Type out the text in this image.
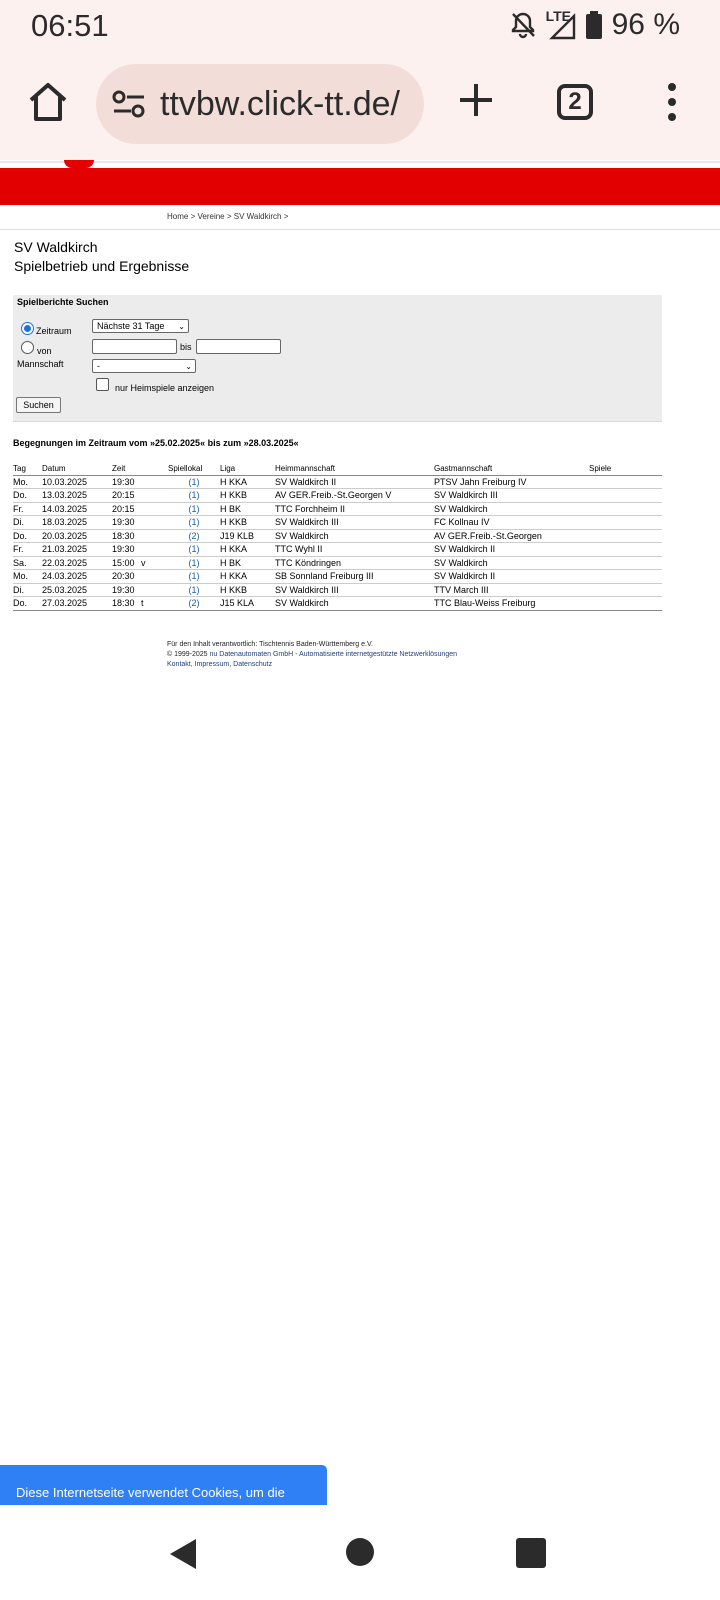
06:51	LTE 96 %
ttvbw.click-tt.de/	2
Home > Vereine > SV Waldkirch >
SV Waldkirch
Spielbetrieb und Ergebnisse
Spielberichte Suchen
Zeitraum	Nächste 31 Tage ⌄
von	bis
Mannschaft	-	⌄
nur Heimspiele anzeigen
Suchen
Begegnungen im Zeitraum vom »25.02.2025« bis zum »28.03.2025«
Tag	Datum	Zeit		Spiellokal	Liga	Heimmannschaft	Gastmannschaft	Spiele
Mo.	10.03.2025	19:30		(1)	H KKA	SV Waldkirch II	PTSV Jahn Freiburg IV	
Do.	13.03.2025	20:15		(1)	H KKB	AV GER.Freib.-St.Georgen V	SV Waldkirch III	
Fr.	14.03.2025	20:15		(1)	H BK	TTC Forchheim II	SV Waldkirch	
Di.	18.03.2025	19:30		(1)	H KKB	SV Waldkirch III	FC Kollnau IV	
Do.	20.03.2025	18:30		(2)	J19 KLB	SV Waldkirch	AV GER.Freib.-St.Georgen	
Fr.	21.03.2025	19:30		(1)	H KKA	TTC Wyhl II	SV Waldkirch II	
Sa.	22.03.2025	15:00	v	(1)	H BK	TTC Köndringen	SV Waldkirch	
Mo.	24.03.2025	20:30		(1)	H KKA	SB Sonnland Freiburg III	SV Waldkirch II	
Di.	25.03.2025	19:30		(1)	H KKB	SV Waldkirch III	TTV March III	
Do.	27.03.2025	18:30	t	(2)	J15 KLA	SV Waldkirch	TTC Blau-Weiss Freiburg	
Für den Inhalt verantwortlich: Tischtennis Baden-Württemberg e.V.
© 1999-2025 nu Datenautomaten GmbH - Automatisierte internetgestützte Netzwerklösungen
Kontakt, Impressum, Datenschutz
Diese Internetseite verwendet Cookies, um die
